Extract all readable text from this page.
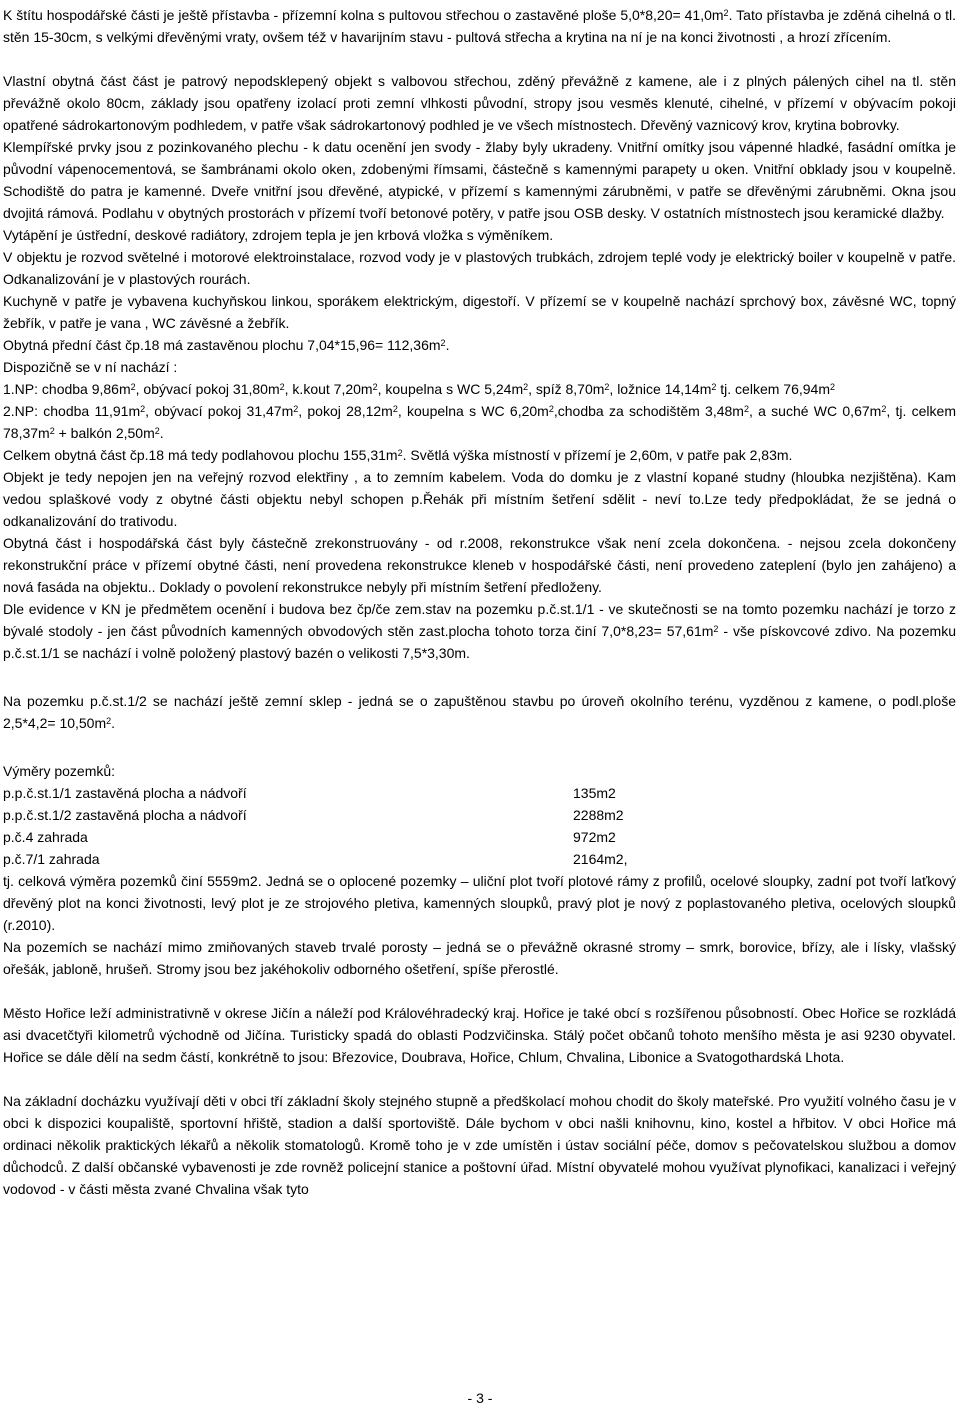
K štítu hospodářské části je ještě přístavba - přízemní kolna s pultovou střechou o zastavěné ploše $5,0*8,20= 41,0m^2$. Tato přístavba je zděná cihelná o tl. stěn 15-30cm, s velkými dřevěnými vraty, ovšem též v havarijním stavu - pultová střecha a krytina na ní je na konci životnosti , a hrozí zřícením.

Vlastní obytná část část je patrový nepodsklepený objekt s valbovou střechou, zděný převážně z kamene, ale i z plných pálených cihel na tl. stěn převážně okolo 80cm, základy jsou opatřeny izolací proti zemní vlhkosti původní, stropy jsou vesměs klenuté, cihelné, v přízemí v obývacím pokoji opatřené sádrokartonovým podhledem, v patře však sádrokartonový podhled je ve všech místnostech. Dřevěný vaznicový krov, krytina bobrovky.

Klempířské prvky jsou z pozinkovaného plechu - k datu ocenění jen svody - žlaby byly ukradeny. Vnitřní omítky jsou vápenné hladké, fasádní omítka je původní vápenocementová, se šambránami okolo oken, zdobenými římsami, částečně s kamennými parapety u oken. Vnitřní obklady jsou v koupelně. Schodiště do patra je kamenné. Dveře vnitřní jsou dřevěné, atypické, v přízemí s kamennými zárubněmi, v patře se dřevěnými zárubněmi. Okna jsou dvojitá rámová. Podlahu v obytných prostorách v přízemí tvoří betonové potěry, v patře jsou OSB desky. V ostatních místnostech jsou keramické dlažby.

Vytápění je ústřední, deskové radiátory, zdrojem tepla je jen krbová vložka s výměníkem.

V objektu je rozvod světelné i motorové elektroinstalace, rozvod vody je v plastových trubkách, zdrojem teplé vody je elektrický boiler v koupelně v patře. Odkanalizování je v plastových rourách.

Kuchyně v patře je vybavena kuchyňskou linkou, sporákem elektrickým, digestoří. V přízemí se v koupelně nachází sprchový box, závěsné WC, topný žebřík, v patře je vana , WC závěsné a žebřík.

Obytná přední část čp.18 má zastavěnou plochu $7,04*15,96= 112,36m^2$.

Dispozičně se v ní nachází :

1.NP: chodba $9,86m^2$, obývací pokoj $31,80m^2$, k.kout $7,20m^2$, koupelna s WC $5,24m^2$, spíž $8,70m^2$, ložnice $14,14m^2$ tj. celkem $76,94m^2$

2.NP: chodba $11,91m^2$, obývací pokoj $31,47m^2$, pokoj $28,12m^2$, koupelna s WC $6,20m^2,chodba$ za schodištěm $3,48m^2$, a suché WC $0,67m^2$, tj. celkem $78,37m^2$ + balkón $2,50m^2$.

Celkem obytná část čp.18 má tedy podlahovou plochu $155,31m^2$. Světlá výška místností v přízemí je 2,60m, v patře pak 2,83m.

Objekt je tedy nepojen jen na veřejný rozvod elektřiny , a to zemním kabelem. Voda do domku je z vlastní kopané studny (hloubka nezjištěna). Kam vedou splaškové vody z obytné části objektu nebyl schopen p.Řehák při místním šetření sdělit - neví to.Lze tedy předpokládat, že se jedná o odkanalizování do trativodu.

Obytná část i hospodářská část byly částečně zrekonstruovány - od r.2008, rekonstrukce však není zcela dokončena. - nejsou zcela dokončeny rekonstrukční práce v přízemí obytné části, není provedena rekonstrukce kleneb v hospodářské části, není provedeno zateplení (bylo jen zahájeno) a nová fasáda na objektu.. Doklady o povolení rekonstrukce nebyly při místním šetření předloženy.

Dle evidence v KN je předmětem ocenění i budova bez čp/če zem.stav na pozemku p.č.st.1/1 - ve skutečnosti se na tomto pozemku nachází je torzo z bývalé stodoly - jen část původních kamenných obvodových stěn zast.plocha tohoto torza činí $7,0*8,23= 57,61m^2$ - vše pískovcové zdivo. Na pozemku p.č.st.1/1 se nachází i volně položený plastový bazén o velikosti 7,5*3,30m.

Na pozemku p.č.st.1/2 se nachází ještě zemní sklep - jedná se o zapuštěnou stavbu po úroveň okolního terénu, vyzděnou z kamene, o podl.ploše $2,5*4,2= 10,50m^2$.

Výměry pozemků:

p.p.č.st.1/1 zastavěná plocha a nádvoří	135m2
p.p.č.st.1/2 zastavěná plocha a nádvoří	2288m2
p.č.4 zahrada	972m2
p.č.7/1 zahrada	2164m2,

tj. celková výměra pozemků činí 5559m2. Jedná se o oplocené pozemky – uliční plot tvoří plotové rámy z profilů, ocelové sloupky, zadní pot tvoří laťkový dřevěný plot na konci životnosti, levý plot je ze strojového pletiva, kamenných sloupků, pravý plot je nový z poplastovaného pletiva, ocelových sloupků (r.2010).

Na pozemích se nachází mimo zmiňovaných staveb trvalé porosty – jedná se o převážně okrasné stromy – smrk, borovice, břízy, ale i lísky, vlašský ořešák, jabloně, hrušeň. Stromy jsou bez jakéhokoliv odborného ošetření, spíše přerostlé.

Město Hořice leží administrativně v okrese Jičín a náleží pod Královéhradecký kraj. Hořice je také obcí s rozšířenou působností. Obec Hořice se rozkládá asi dvacetčtyři kilometrů východně od Jičína. Turisticky spadá do oblasti Podzvičinska. Stálý počet občanů tohoto menšího města je asi 9230 obyvatel. Hořice se dále dělí na sedm částí, konkrétně to jsou: Březovice, Doubrava, Hořice, Chlum, Chvalina, Libonice a Svatogothardská Lhota.

Na základní docházku využívají děti v obci tří základní školy stejného stupně a předškolací mohou chodit do školy mateřské. Pro využití volného času je v obci k dispozici koupaliště, sportovní hřiště, stadion a další sportoviště. Dále bychom v obci našli knihovnu, kino, kostel a hřbitov. V obci Hořice má ordinaci několik praktických lékařů a několik stomatologů. Kromě toho je v zde umístěn i ústav sociální péče, domov s pečovatelskou službou a domov důchodců. Z další občanské vybavenosti je zde rovněž policejní stanice a poštovní úřad. Místní obyvatelé mohou využívat plynofikaci, kanalizaci i veřejný vodovod - v části města zvané Chvalina však tyto

- 3 -
